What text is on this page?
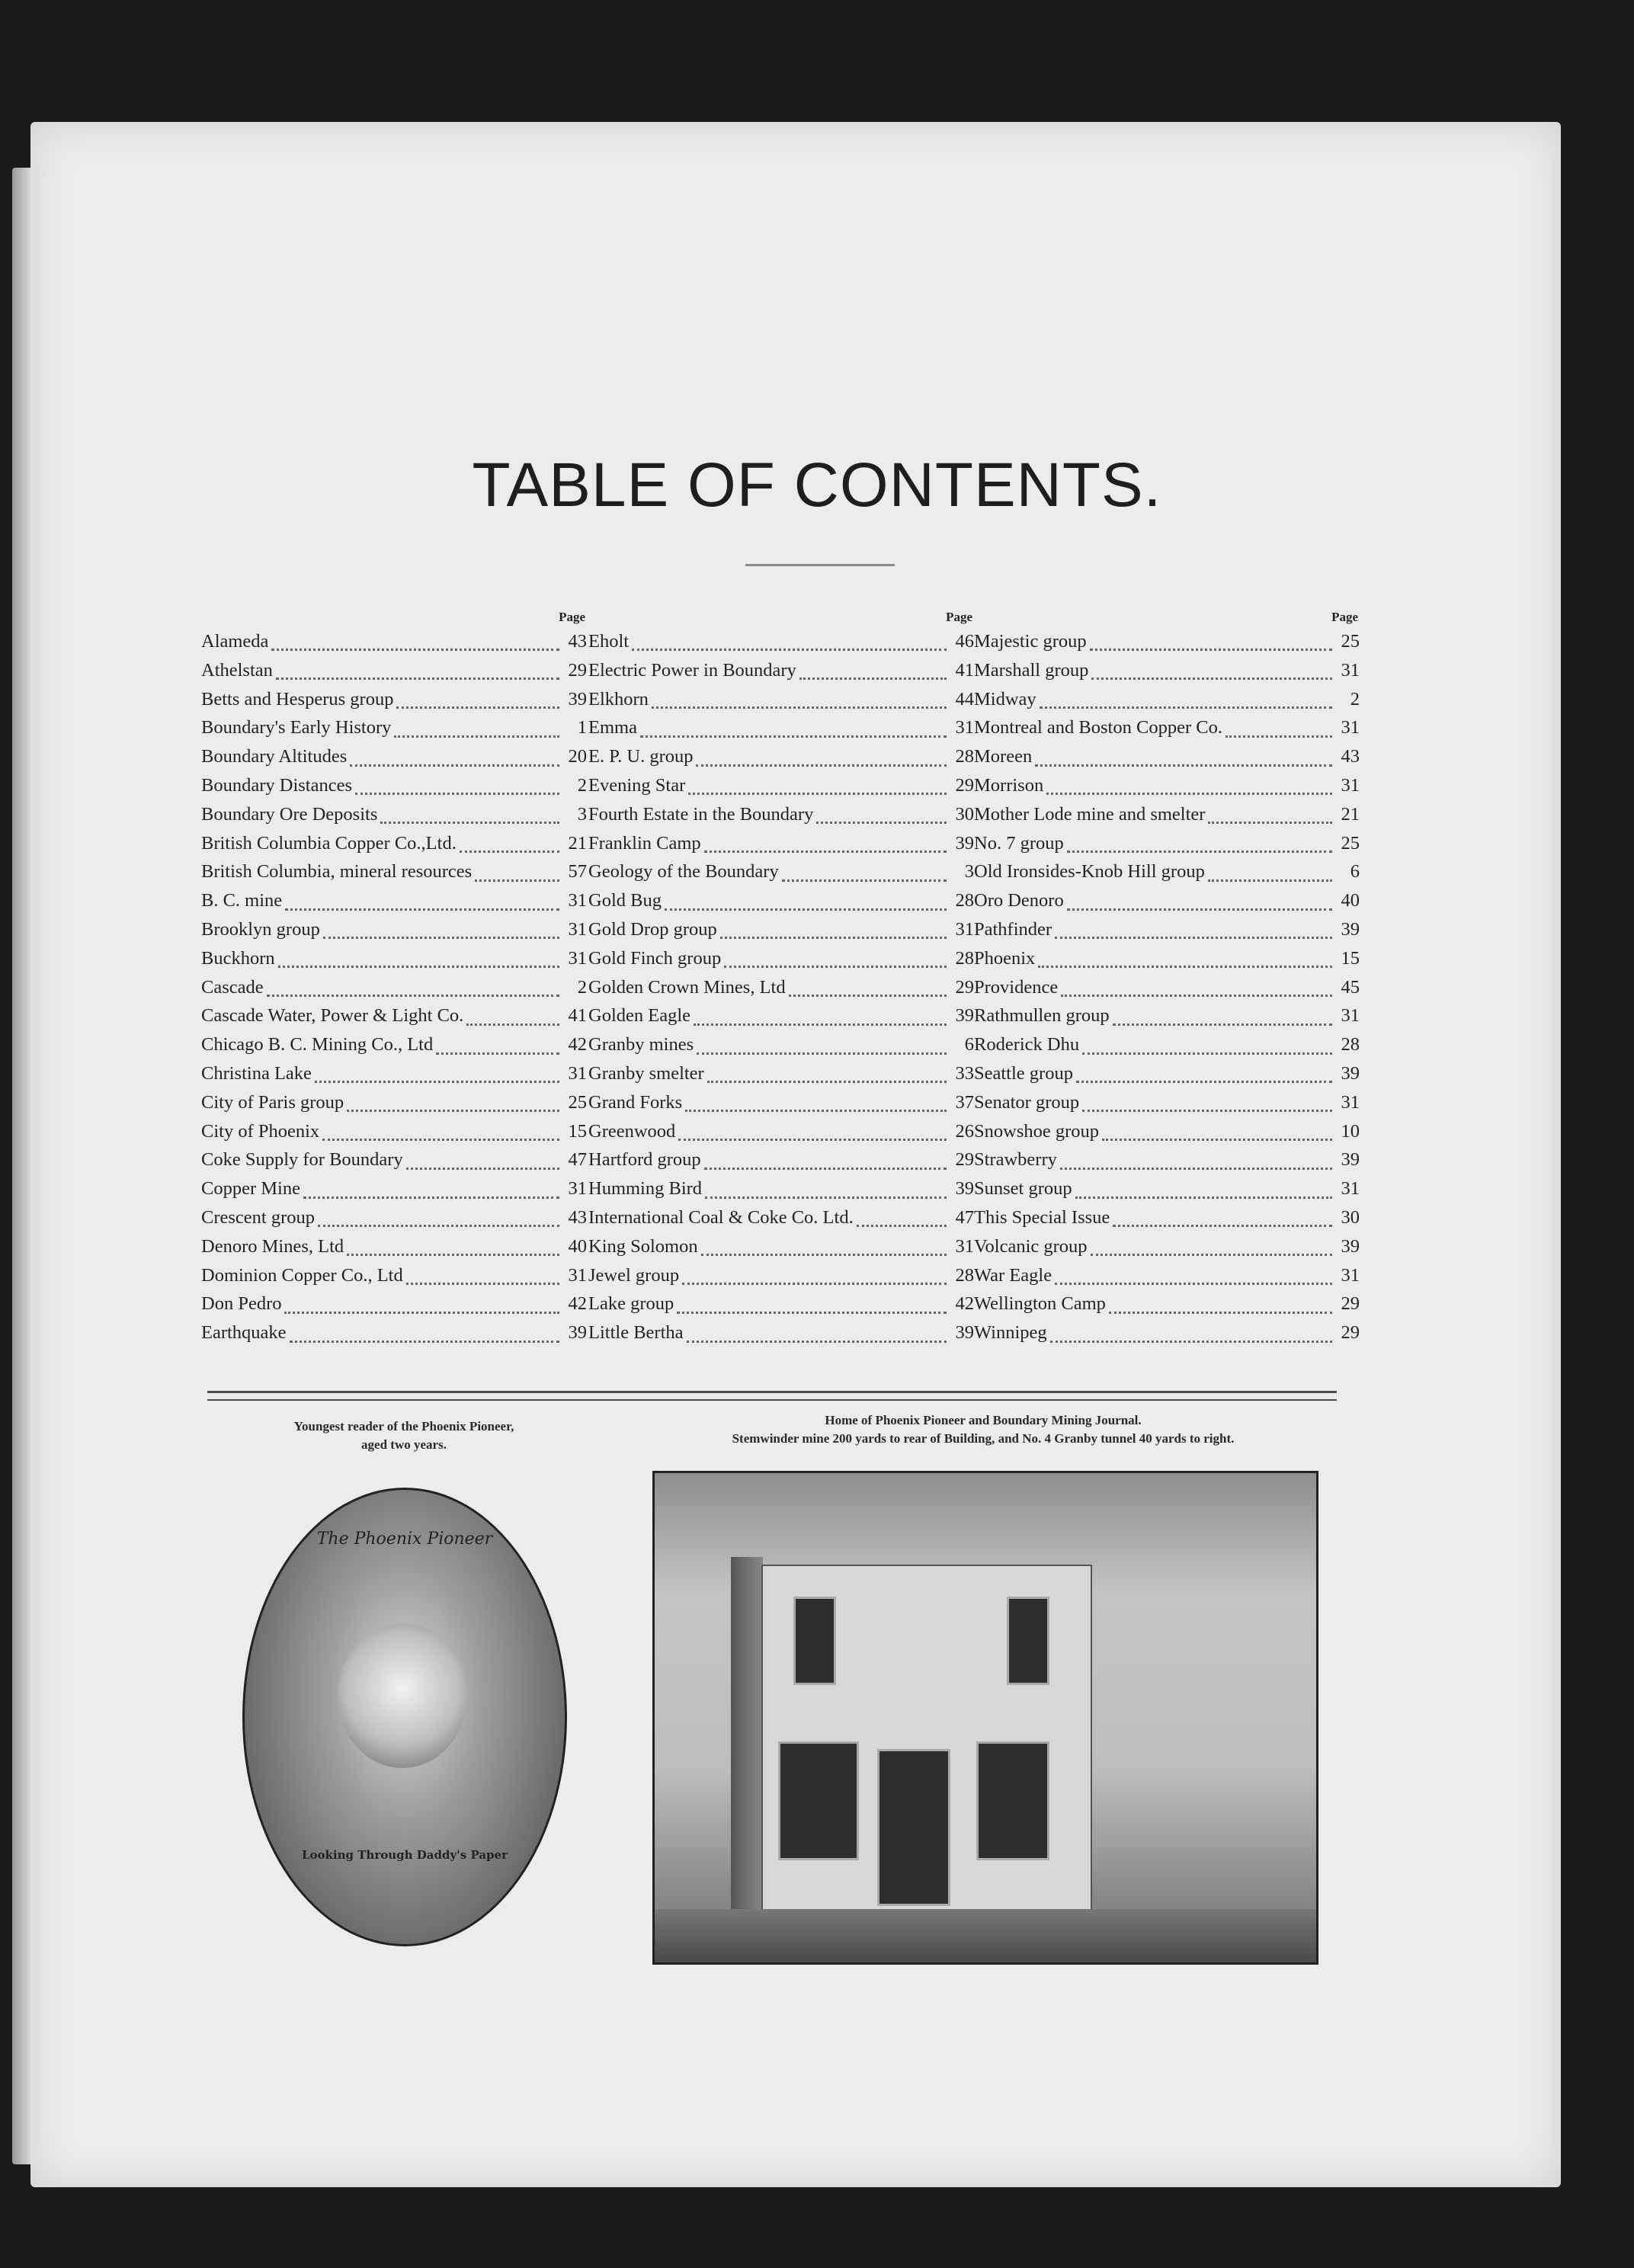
TABLE OF CONTENTS.
Page
Alameda	43
Athelstan	29
Betts and Hesperus group	39
Boundary's Early History	1
Boundary Altitudes	20
Boundary Distances	2
Boundary Ore Deposits	3
British Columbia Copper Co.,Ltd.	21
British Columbia, mineral resources	57
B. C. mine	31
Brooklyn group	31
Buckhorn	31
Cascade	2
Cascade Water, Power & Light Co.	41
Chicago B. C. Mining Co., Ltd	42
Christina Lake	31
City of Paris group	25
City of Phoenix	15
Coke Supply for Boundary	47
Copper Mine	31
Crescent group	43
Denoro Mines, Ltd	40
Dominion Copper Co., Ltd	31
Don Pedro	42
Earthquake	39
Page
Eholt	46
Electric Power in Boundary	41
Elkhorn	44
Emma	31
E. P. U. group	28
Evening Star	29
Fourth Estate in the Boundary	30
Franklin Camp	39
Geology of the Boundary	3
Gold Bug	28
Gold Drop group	31
Gold Finch group	28
Golden Crown Mines, Ltd	29
Golden Eagle	39
Granby mines	6
Granby smelter	33
Grand Forks	37
Greenwood	26
Hartford group	29
Humming Bird	39
International Coal & Coke Co. Ltd.	47
King Solomon	31
Jewel group	28
Lake group	42
Little Bertha	39
Page
Majestic group	25
Marshall group	31
Midway	2
Montreal and Boston Copper Co.	31
Moreen	43
Morrison	31
Mother Lode mine and smelter	21
No. 7 group	25
Old Ironsides-Knob Hill group	6
Oro Denoro	40
Pathfinder	39
Phoenix	15
Providence	45
Rathmullen group	31
Roderick Dhu	28
Seattle group	39
Senator group	31
Snowshoe group	10
Strawberry	39
Sunset group	31
This Special Issue	30
Volcanic group	39
War Eagle	31
Wellington Camp	29
Winnipeg	29
Youngest reader of the Phoenix Pioneer,
aged two years.
Home of Phoenix Pioneer and Boundary Mining Journal.
Stemwinder mine 200 yards to rear of Building, and No. 4 Granby tunnel 40 yards to right.
The Phoenix Pioneer
Looking Through Daddy's Paper
